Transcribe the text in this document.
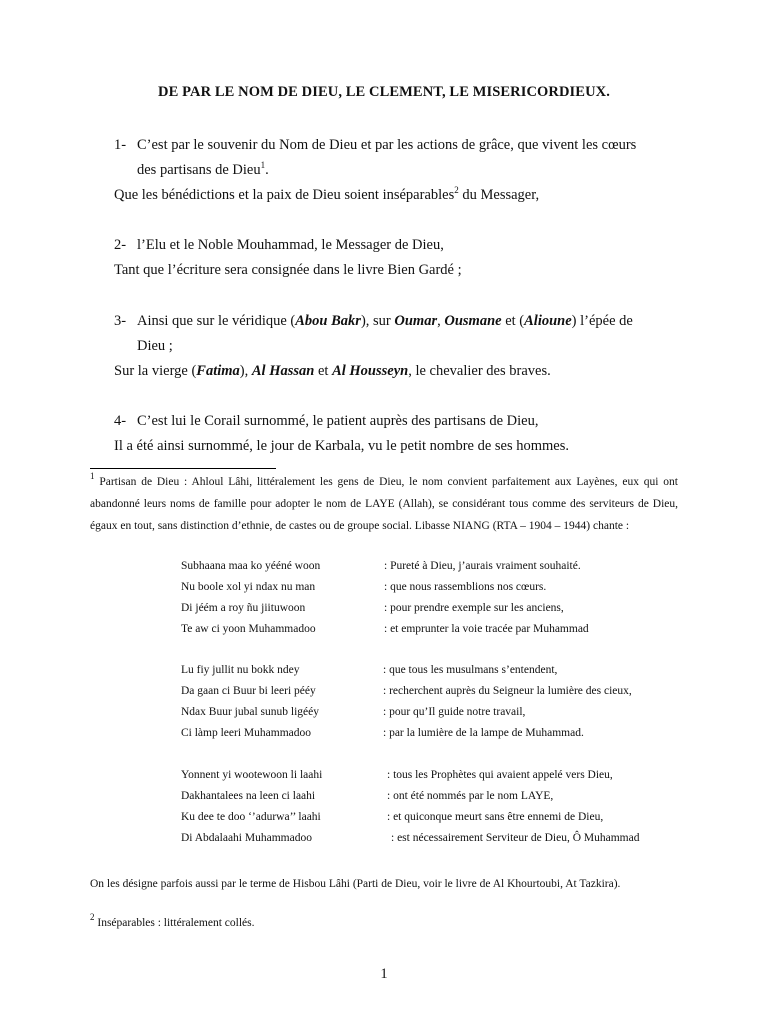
DE PAR LE NOM DE DIEU, LE CLEMENT, LE MISERICORDIEUX.
1- C’est par le souvenir du Nom de Dieu et par les actions de grâce, que vivent les cœurs
des partisans de Dieu$^1$.
Que les bénédictions et la paix de Dieu soient inséparables$^2$ du Messager,
2- l’Elu et le Noble Mouhammad, le Messager de Dieu,
Tant que l’écriture sera consignée dans le livre Bien Gardé ;
3- Ainsi que sur le véridique (Abou Bakr), sur Oumar, Ousmane et (Alioune) l’épée de
Dieu ;
Sur la vierge (Fatima), Al Hassan et Al Housseyn, le chevalier des braves.
4- C’est lui le Corail surnommé, le patient auprès des partisans de Dieu,
Il a été ainsi surnommé, le jour de Karbala, vu le petit nombre de ses hommes.
$^1$ Partisan de Dieu : Ahloul Lâhi, littéralement les gens de Dieu, le nom convient parfaitement aux Layènes, eux qui ont abandonné leurs noms de famille pour adopter le nom de LAYE (Allah), se considérant tous comme des serviteurs de Dieu, égaux en tout, sans distinction d’ethnie, de castes ou de groupe social. Libasse NIANG (RTA – 1904 – 1944) chante :
Subhaana maa ko yééné woon	: Pureté à Dieu, j’aurais vraiment souhaité.
Nu boole xol yi ndax nu man	: que nous rassemblions nos cœurs.
Di jéém a roy ñu jiituwoon	: pour prendre exemple sur les anciens,
Te aw ci yoon Muhammadoo	: et emprunter la voie tracée par Muhammad
Lu fiy jullit nu bokk ndey	: que tous les musulmans s’entendent,
Da gaan ci Buur bi leeri pééy	: recherchent auprès du Seigneur la lumière des cieux,
Ndax Buur jubal sunub ligééy	: pour qu’Il guide notre travail,
Ci làmp leeri Muhammadoo	: par la lumière de la lampe de Muhammad.
Yonnent yi wootewoon li laahi	: tous les Prophètes qui avaient appelé vers Dieu,
Dakhantalees na leen ci laahi	: ont été nommés par le nom LAYE,
Ku dee te doo ‘’adurwa’’ laahi	: et quiconque meurt sans être ennemi de Dieu,
Di Abdalaahi Muhammadoo	: est nécessairement Serviteur de Dieu, Ô Muhammad
On les désigne parfois aussi par le terme de Hisbou Lâhi (Parti de Dieu, voir le livre de Al Khourtoubi, At Tazkira).
$^2$ Inséparables : littéralement collés.
1
